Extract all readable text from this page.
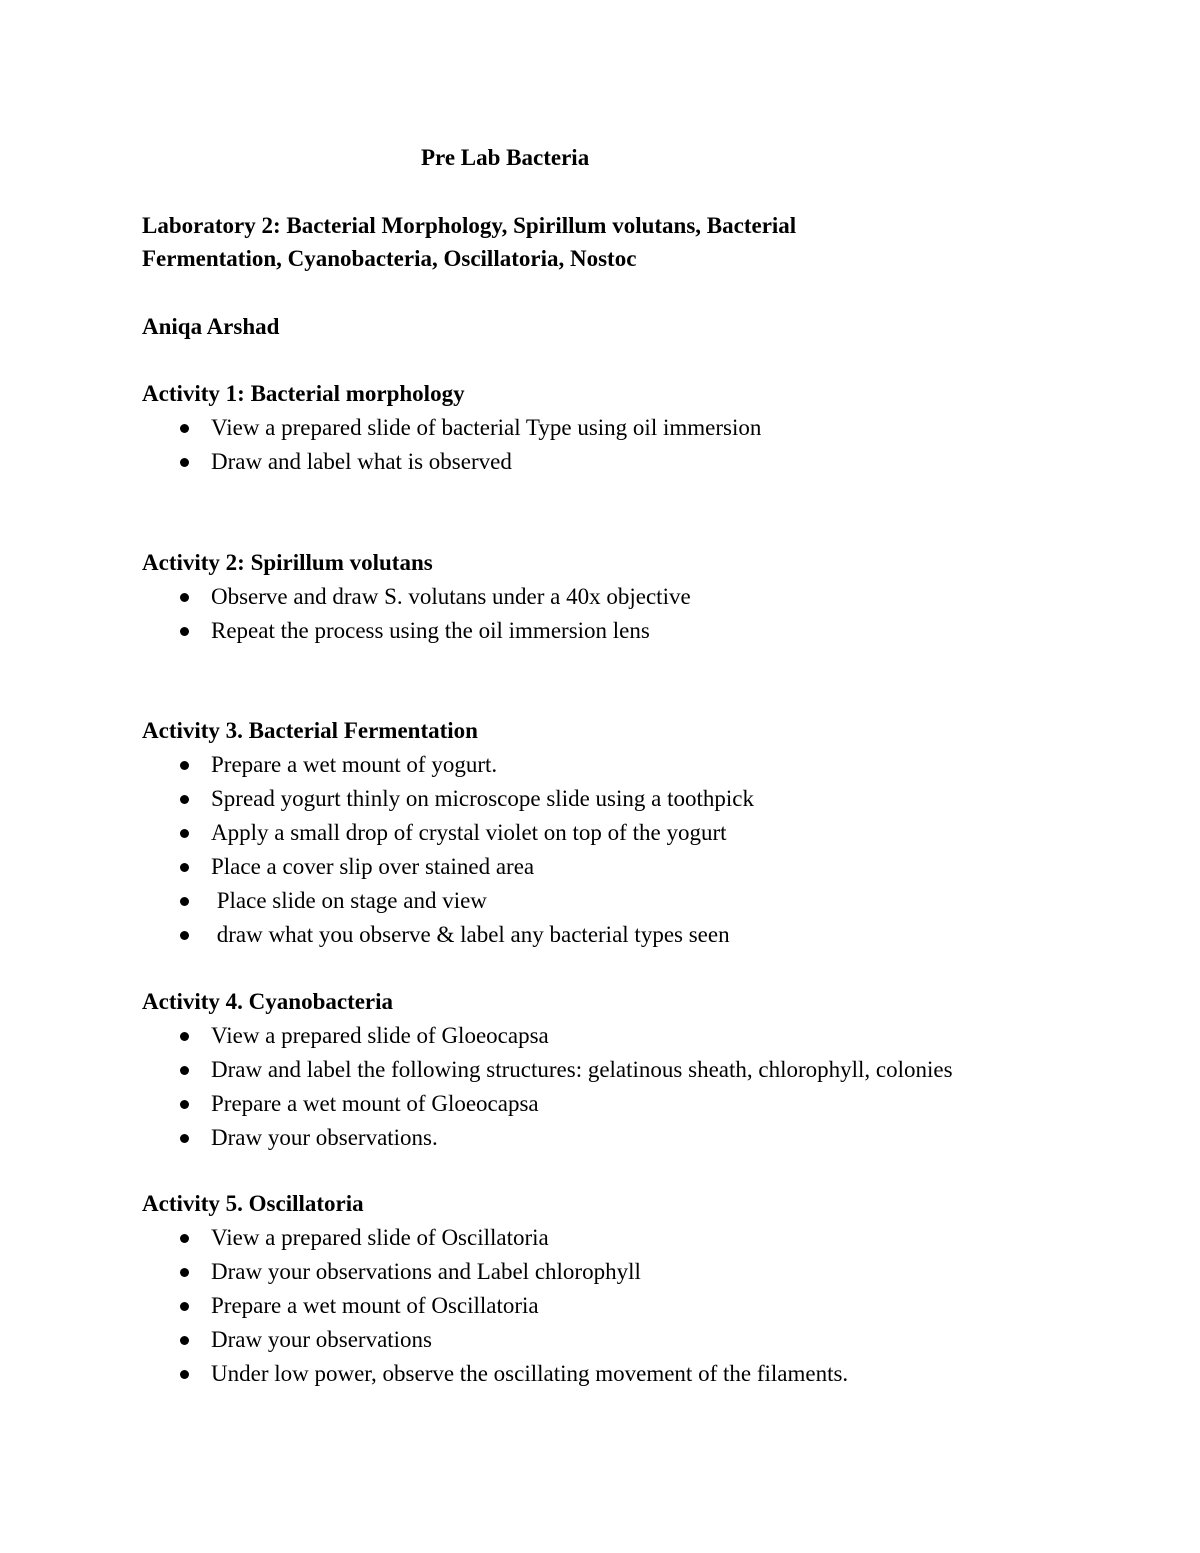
Pre Lab Bacteria
Laboratory 2: Bacterial Morphology, Spirillum volutans, Bacterial
Fermentation, Cyanobacteria, Oscillatoria, Nostoc
Aniqa Arshad
Activity 1: Bacterial morphology
View a prepared slide of bacterial Type using oil immersion
Draw and label what is observed
Activity 2: Spirillum volutans
Observe and draw S. volutans under a 40x objective
Repeat the process using the oil immersion lens
Activity 3. Bacterial Fermentation
Prepare a wet mount of yogurt.
Spread yogurt thinly on microscope slide using a toothpick
Apply a small drop of crystal violet on top of the yogurt
Place a cover slip over stained area
Place slide on stage and view
draw what you observe & label any bacterial types seen
Activity 4. Cyanobacteria
View a prepared slide of Gloeocapsa
Draw and label the following structures: gelatinous sheath, chlorophyll, colonies
Prepare a wet mount of Gloeocapsa
Draw your observations.
Activity 5. Oscillatoria
View a prepared slide of Oscillatoria
Draw your observations and Label chlorophyll
Prepare a wet mount of Oscillatoria
Draw your observations
Under low power, observe the oscillating movement of the filaments.
